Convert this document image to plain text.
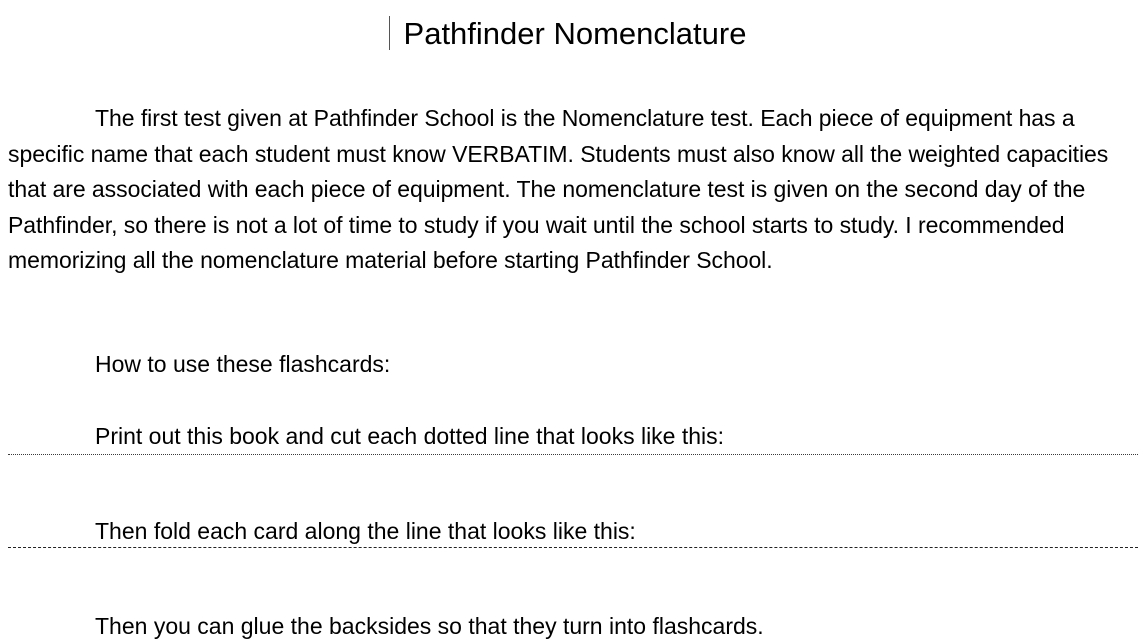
Pathfinder Nomenclature

The first test given at Pathfinder School is the Nomenclature test. Each piece of equipment has a specific name that each student must know VERBATIM. Students must also know all the weighted capacities that are associated with each piece of equipment. The nomenclature test is given on the second day of the Pathfinder, so there is not a lot of time to study if you wait until the school starts to study. I recommended memorizing all the nomenclature material before starting Pathfinder School.

How to use these flashcards:

Print out this book and cut each dotted line that looks like this:

Then fold each card along the line that looks like this:

Then you can glue the backsides so that they turn into flashcards.
